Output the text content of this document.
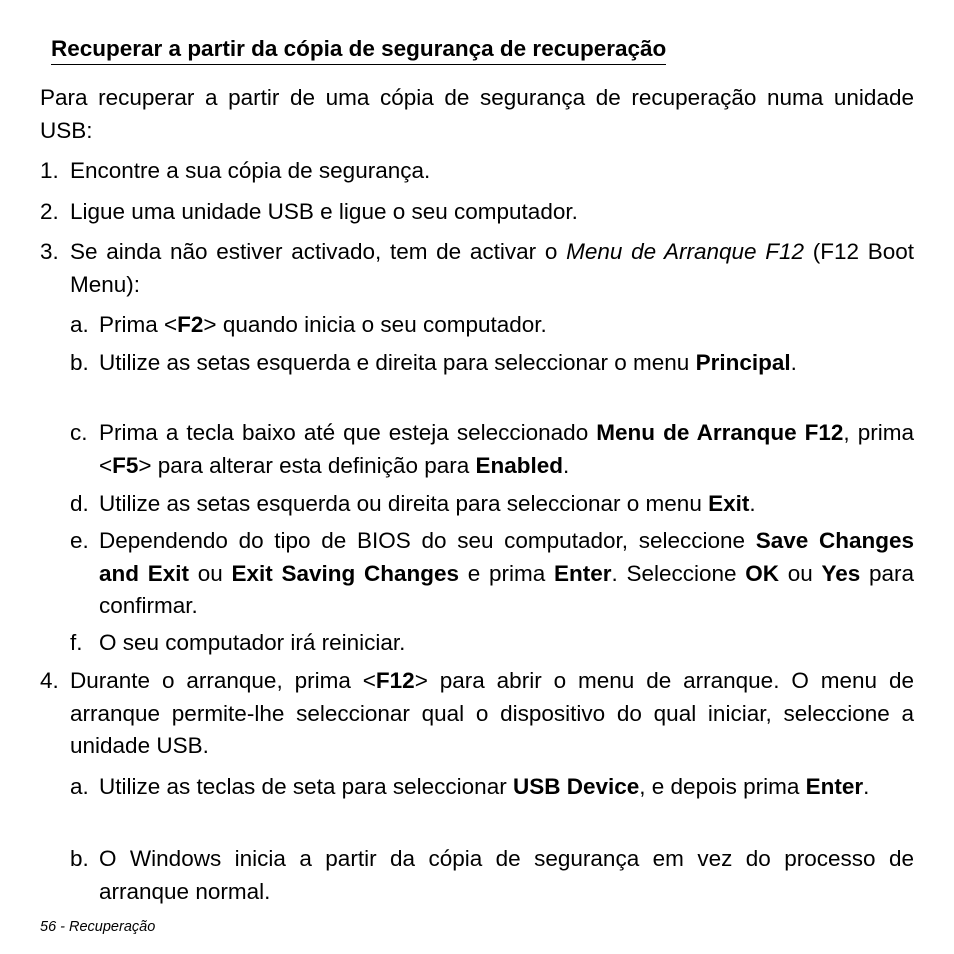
Recuperar a partir da cópia de segurança de recuperação
Para recuperar a partir de uma cópia de segurança de recuperação numa unidade USB:
1. Encontre a sua cópia de segurança.
2. Ligue uma unidade USB e ligue o seu computador.
3. Se ainda não estiver activado, tem de activar o Menu de Arranque F12 (F12 Boot Menu):
a. Prima <F2> quando inicia o seu computador.
b. Utilize as setas esquerda e direita para seleccionar o menu Principal.
c. Prima a tecla baixo até que esteja seleccionado Menu de Arranque F12, prima <F5> para alterar esta definição para Enabled.
d. Utilize as setas esquerda ou direita para seleccionar o menu Exit.
e. Dependendo do tipo de BIOS do seu computador, seleccione Save Changes and Exit ou Exit Saving Changes e prima Enter. Seleccione OK ou Yes para confirmar.
f. O seu computador irá reiniciar.
4. Durante o arranque, prima <F12> para abrir o menu de arranque. O menu de arranque permite-lhe seleccionar qual o dispositivo do qual iniciar, seleccione a unidade USB.
a. Utilize as teclas de seta para seleccionar USB Device, e depois prima Enter.
b. O Windows inicia a partir da cópia de segurança em vez do processo de arranque normal.
56 - Recuperação
